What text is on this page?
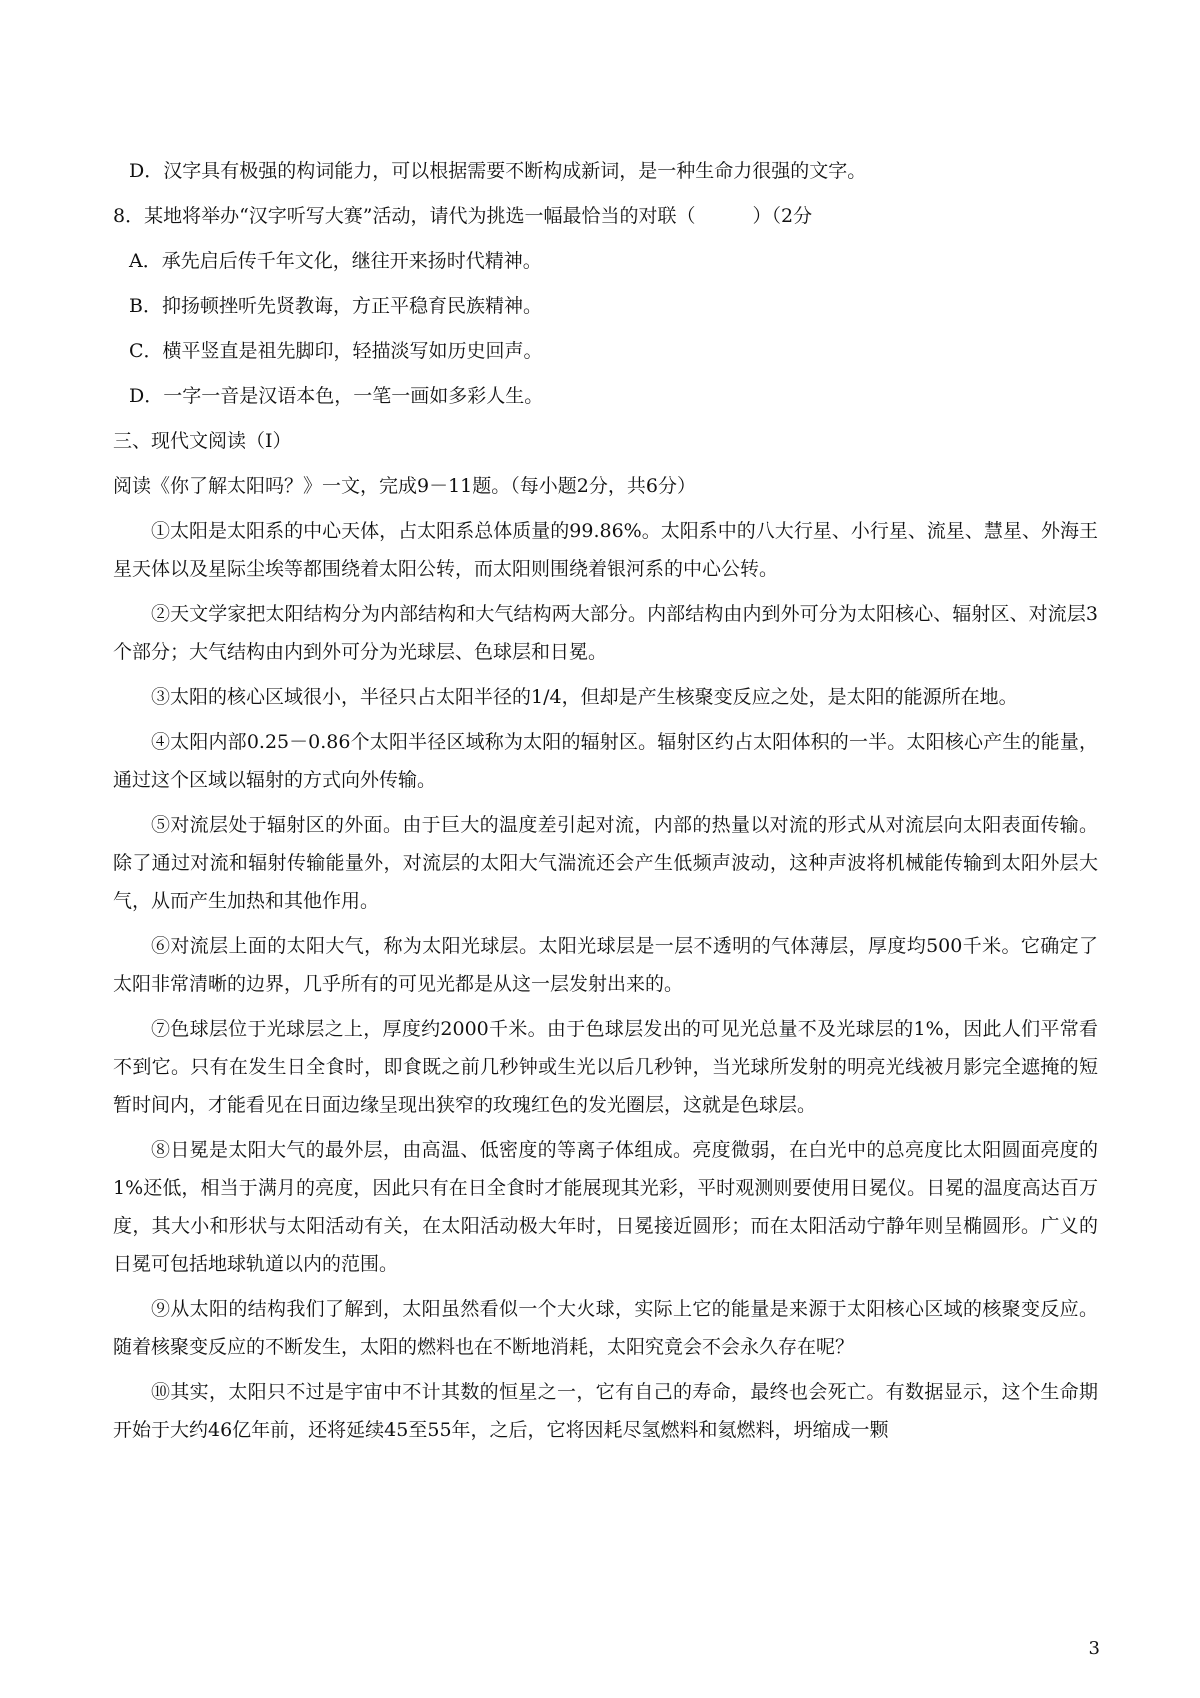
D．汉字具有极强的构词能力，可以根据需要不断构成新词，是一种生命力很强的文字。
8．某地将举办“汉字听写大赛”活动，请代为挑选一幅最恰当的对联（　　　）（2分
A．承先启后传千年文化，继往开来扬时代精神。
B．抑扬顿挫听先贤教诲，方正平稳育民族精神。
C．横平竖直是祖先脚印，轻描淡写如历史回声。
D．一字一音是汉语本色，一笔一画如多彩人生。
三、现代文阅读（Ⅰ）
阅读《你了解太阳吗？》一文，完成9－11题。（每小题2分，共6分）

①太阳是太阳系的中心天体，占太阳系总体质量的99.86%。太阳系中的八大行星、小行星、流星、慧星、外海王星天体以及星际尘埃等都围绕着太阳公转，而太阳则围绕着银河系的中心公转。

②天文学家把太阳结构分为内部结构和大气结构两大部分。内部结构由内到外可分为太阳核心、辐射区、对流层3个部分；大气结构由内到外可分为光球层、色球层和日冕。

③太阳的核心区域很小，半径只占太阳半径的1/4，但却是产生核聚变反应之处，是太阳的能源所在地。

④太阳内部0.25－0.86个太阳半径区域称为太阳的辐射区。辐射区约占太阳体积的一半。太阳核心产生的能量，通过这个区域以辐射的方式向外传输。

⑤对流层处于辐射区的外面。由于巨大的温度差引起对流，内部的热量以对流的形式从对流层向太阳表面传输。除了通过对流和辐射传输能量外，对流层的太阳大气湍流还会产生低频声波动，这种声波将机械能传输到太阳外层大气，从而产生加热和其他作用。

⑥对流层上面的太阳大气，称为太阳光球层。太阳光球层是一层不透明的气体薄层，厚度均500千米。它确定了太阳非常清晰的边界，几乎所有的可见光都是从这一层发射出来的。

⑦色球层位于光球层之上，厚度约2000千米。由于色球层发出的可见光总量不及光球层的1%，因此人们平常看不到它。只有在发生日全食时，即食既之前几秒钟或生光以后几秒钟，当光球所发射的明亮光线被月影完全遮掩的短暂时间内，才能看见在日面边缘呈现出狭窄的玫瑰红色的发光圈层，这就是色球层。

⑧日冕是太阳大气的最外层，由高温、低密度的等离子体组成。亮度微弱，在白光中的总亮度比太阳圆面亮度的1%还低，相当于满月的亮度，因此只有在日全食时才能展现其光彩，平时观测则要使用日冕仪。日冕的温度高达百万度，其大小和形状与太阳活动有关，在太阳活动极大年时，日冕接近圆形；而在太阳活动宁静年则呈椭圆形。广义的日冕可包括地球轨道以内的范围。

⑨从太阳的结构我们了解到，太阳虽然看似一个大火球，实际上它的能量是来源于太阳核心区域的核聚变反应。随着核聚变反应的不断发生，太阳的燃料也在不断地消耗，太阳究竟会不会永久存在呢？

⑩其实，太阳只不过是宇宙中不计其数的恒星之一，它有自己的寿命，最终也会死亡。有数据显示，这个生命期开始于大约46亿年前，还将延续45至55年，之后，它将因耗尽氢燃料和氦燃料，坍缩成一颗

3
